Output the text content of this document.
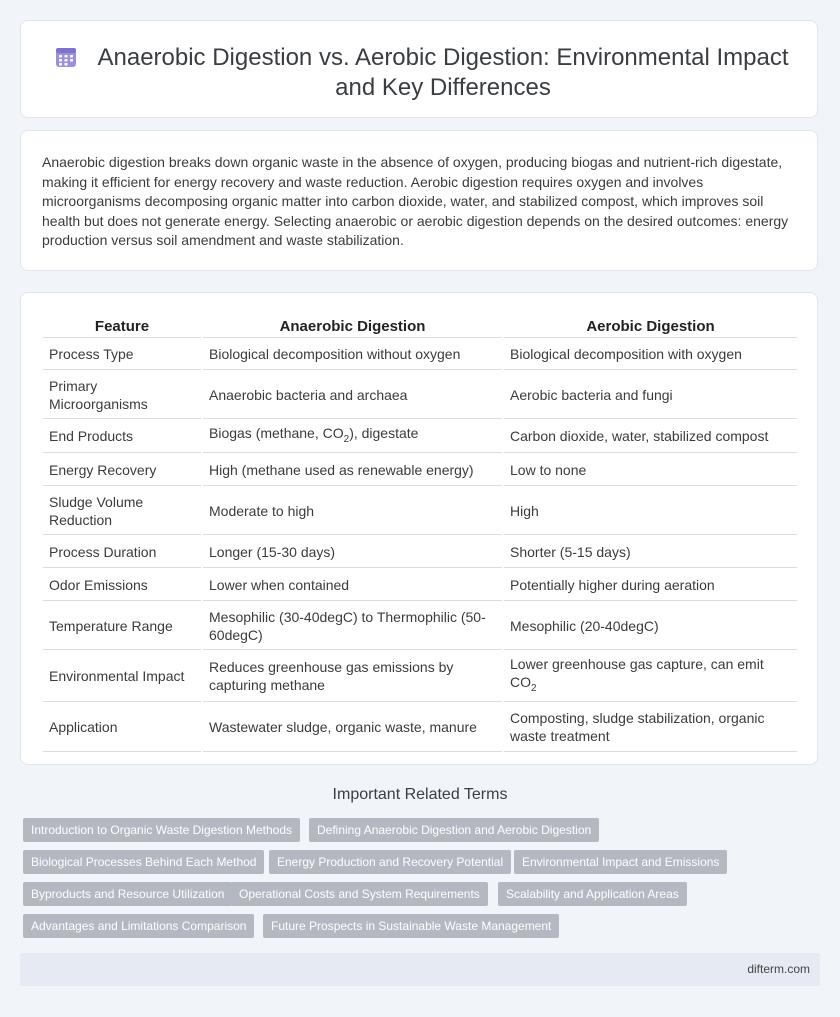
Anaerobic Digestion vs. Aerobic Digestion: Environmental Impact and Key Differences

Anaerobic digestion breaks down organic waste in the absence of oxygen, producing biogas and nutrient-rich digestate, making it efficient for energy recovery and waste reduction. Aerobic digestion requires oxygen and involves microorganisms decomposing organic matter into carbon dioxide, water, and stabilized compost, which improves soil health but does not generate energy. Selecting anaerobic or aerobic digestion depends on the desired outcomes: energy production versus soil amendment and waste stabilization.

Feature	Anaerobic Digestion	Aerobic Digestion
Process Type	Biological decomposition without oxygen	Biological decomposition with oxygen
Primary Microorganisms	Anaerobic bacteria and archaea	Aerobic bacteria and fungi
End Products	Biogas (methane, $CO_2$), digestate	Carbon dioxide, water, stabilized compost
Energy Recovery	High (methane used as renewable energy)	Low to none
Sludge Volume Reduction	Moderate to high	High
Process Duration	Longer (15-30 days)	Shorter (5-15 days)
Odor Emissions	Lower when contained	Potentially higher during aeration
Temperature Range	Mesophilic (30-40degC) to Thermophilic (50-60degC)	Mesophilic (20-40degC)
Environmental Impact	Reduces greenhouse gas emissions by capturing methane	Lower greenhouse gas capture, can emit $CO_2$
Application	Wastewater sludge, organic waste, manure	Composting, sludge stabilization, organic waste treatment
Important Related Terms
Introduction to Organic Waste Digestion Methods	Defining Anaerobic Digestion and Aerobic Digestion
Biological Processes Behind Each Method	Energy Production and Recovery Potential	Environmental Impact and Emissions
Byproducts and Resource Utilization	Operational Costs and System Requirements	Scalability and Application Areas
Advantages and Limitations Comparison	Future Prospects in Sustainable Waste Management
difterm.com
